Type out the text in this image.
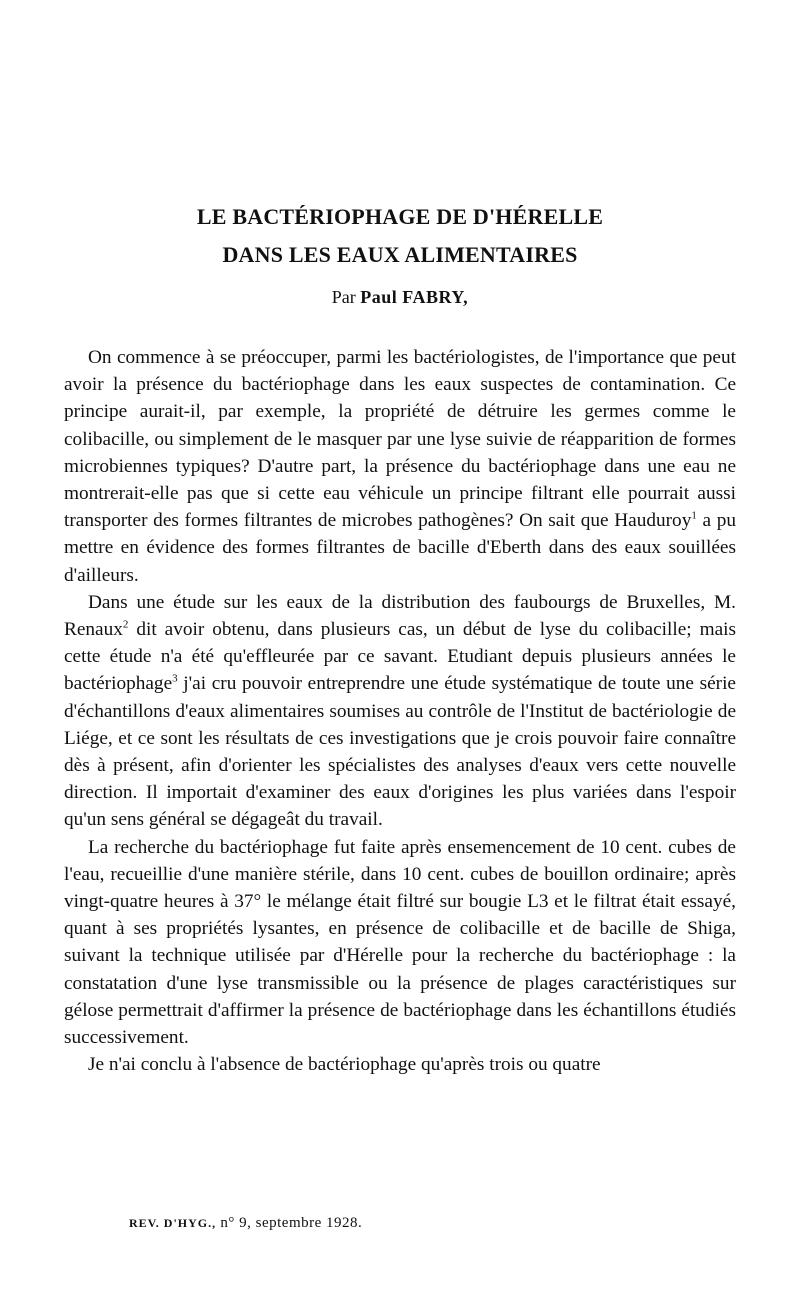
LE BACTÉRIOPHAGE DE D'HÉRELLE
DANS LES EAUX ALIMENTAIRES
Par Paul FABRY,

On commence à se préoccuper, parmi les bactériologistes, de l'importance que peut avoir la présence du bactériophage dans les eaux suspectes de contamination. Ce principe aurait-il, par exemple, la propriété de détruire les germes comme le colibacille, ou simplement de le masquer par une lyse suivie de réapparition de formes microbiennes typiques? D'autre part, la présence du bactériophage dans une eau ne montrerait-elle pas que si cette eau véhicule un principe filtrant elle pourrait aussi transporter des formes filtrantes de microbes pathogènes? On sait que Hauduroy$^1$ a pu mettre en évidence des formes filtrantes de bacille d'Eberth dans des eaux souillées d'ailleurs.

Dans une étude sur les eaux de la distribution des faubourgs de Bruxelles, M. Renaux$^2$ dit avoir obtenu, dans plusieurs cas, un début de lyse du colibacille; mais cette étude n'a été qu'effleurée par ce savant. Etudiant depuis plusieurs années le bactériophage$^3$ j'ai cru pouvoir entreprendre une étude systématique de toute une série d'échantillons d'eaux alimentaires soumises au contrôle de l'Institut de bactériologie de Liége, et ce sont les résultats de ces investigations que je crois pouvoir faire connaître dès à présent, afin d'orienter les spécialistes des analyses d'eaux vers cette nouvelle direction. Il importait d'examiner des eaux d'origines les plus variées dans l'espoir qu'un sens général se dégageât du travail.

La recherche du bactériophage fut faite après ensemencement de 10 cent. cubes de l'eau, recueillie d'une manière stérile, dans 10 cent. cubes de bouillon ordinaire; après vingt-quatre heures à 37° le mélange était filtré sur bougie L3 et le filtrat était essayé, quant à ses propriétés lysantes, en présence de colibacille et de bacille de Shiga, suivant la technique utilisée par d'Hérelle pour la recherche du bactériophage : la constatation d'une lyse transmissible ou la présence de plages caractéristiques sur gélose permettrait d'affirmer la présence de bactériophage dans les échantillons étudiés successivement.

Je n'ai conclu à l'absence de bactériophage qu'après trois ou quatre

REV. D'HYG., n° 9, septembre 1928.
